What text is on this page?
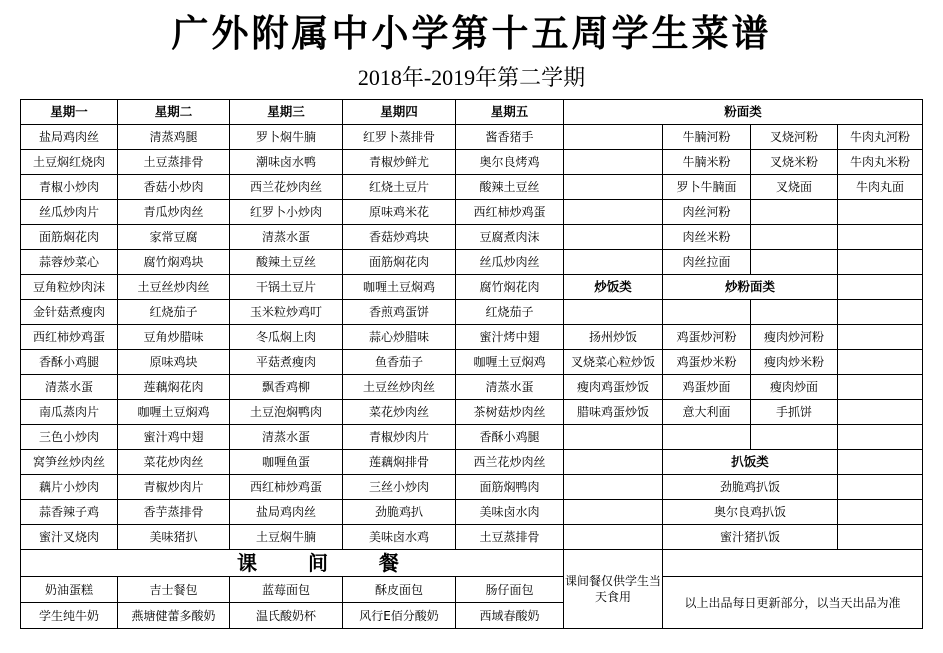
广外附属中小学第十五周学生菜谱
2018年-2019年第二学期
星期一	星期二	星期三	星期四	星期五	粉面类			
盐局鸡肉丝	清蒸鸡腿	罗卜焖牛腩	红罗卜蒸排骨	酱香猪手		牛腩河粉	叉烧河粉	牛肉丸河粉
土豆焖红烧肉	土豆蒸排骨	潮味卤水鸭	青椒炒鲜尤	奥尔良烤鸡		牛腩米粉	叉烧米粉	牛肉丸米粉
青椒小炒肉	香菇小炒肉	西兰花炒肉丝	红烧土豆片	酸辣土豆丝		罗卜牛腩面	叉烧面	牛肉丸面
丝瓜炒肉片	青瓜炒肉丝	红罗卜小炒肉	原味鸡米花	西红柿炒鸡蛋		肉丝河粉		
面筋焖花肉	家常豆腐	清蒸水蛋	香菇炒鸡块	豆腐煮肉沫		肉丝米粉		
蒜蓉炒菜心	腐竹焖鸡块	酸辣土豆丝	面筋焖花肉	丝瓜炒肉丝		肉丝拉面		
豆角粒炒肉沫	土豆丝炒肉丝	干锅土豆片	咖喱土豆焖鸡	腐竹焖花肉	炒饭类	炒粉面类		
金针菇煮瘦肉	红烧茄子	玉米粒炒鸡叮	香煎鸡蛋饼	红烧茄子				
西红柿炒鸡蛋	豆角炒腊味	冬瓜焖上肉	蒜心炒腊味	蜜汁烤中翅	扬州炒饭	鸡蛋炒河粉	瘦肉炒河粉	
香酥小鸡腿	原味鸡块	平菇煮瘦肉	鱼香茄子	咖喱土豆焖鸡	叉烧菜心粒炒饭	鸡蛋炒米粉	瘦肉炒米粉	
清蒸水蛋	莲藕焖花肉	飘香鸡柳	土豆丝炒肉丝	清蒸水蛋	瘦肉鸡蛋炒饭	鸡蛋炒面	瘦肉炒面	
南瓜蒸肉片	咖喱土豆焖鸡	土豆泡焖鸭肉	菜花炒肉丝	茶树菇炒肉丝	腊味鸡蛋炒饭	意大利面	手抓饼	
三色小炒肉	蜜汁鸡中翅	清蒸水蛋	青椒炒肉片	香酥小鸡腿				
窝笋丝炒肉丝	菜花炒肉丝	咖喱鱼蛋	莲藕焖排骨	西兰花炒肉丝		扒饭类		
藕片小炒肉	青椒炒肉片	西红柿炒鸡蛋	三丝小炒肉	面筋焖鸭肉		劲脆鸡扒饭		
蒜香辣子鸡	香芋蒸排骨	盐局鸡肉丝	劲脆鸡扒	美味卤水肉		奥尔良鸡扒饭		
蜜汁叉烧肉	美味猪扒	土豆焖牛腩	美味卤水鸡	土豆蒸排骨		蜜汁猪扒饭		
课 间 餐					课间餐仅供学生当天食用			
奶油蛋糕	吉士餐包	蓝莓面包	酥皮面包	肠仔面包		以上出品每日更新部分，以当天出品为准		
学生纯牛奶	燕塘健蕾多酸奶	温氏酸奶杯	风行E佰分酸奶	西域春酸奶				
